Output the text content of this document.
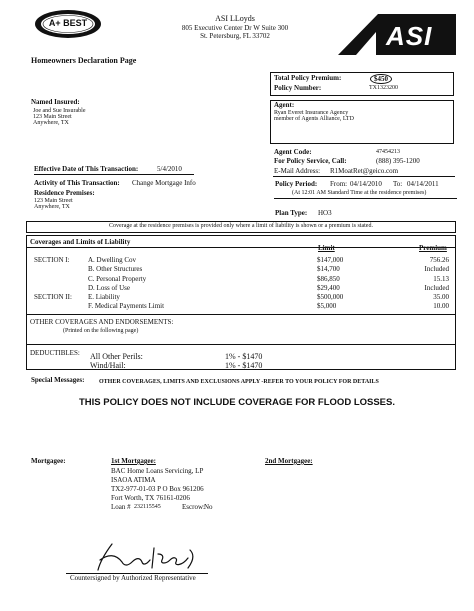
A+ BEST	ASI LLoyds
805 Executive Center Dr W Suite 300
St. Petersburg, FL 33702	ASI
Homeowners Declaration Page
Total Policy Premium:	$450
Policy Number:	TX1323200
Named Insured:
Joe and Sue Insurable
123 Main Street
Anywhere, TX
Agent:
Ryan Everet Insurance Agency
member of Agents Alliance, LTD
Agent Code:	47454213
For Policy Service, Call:	(888) 395-1200
E-Mail Address: R1MoatRet@geico.com
Effective Date of This Transaction:	5/4/2010
Activity of This Transaction: Change Mortgage Info
Residence Premises:
123 Main Street
Anywhere, TX
Policy Period: From: 04/14/2010 To: 04/14/2011
(At 12:01 AM Standard Time at the residence premises)
Plan Type: HO3
Coverage at the residence premises is provided only where a limit of liability is shown or a premium is stated.
Coverages and Limits of Liability
Limit	Premium
SECTION I:	A. Dwelling Cov	$147,000	756.26
B. Other Structures	$14,700	Included
C. Personal Property	$86,850	15.13
D. Loss of Use	$29,400	Included
SECTION II: E. Liability	$500,000	35.00
F. Medical Payments Limit	$5,000	10.00
OTHER COVERAGES AND ENDORSEMENTS:
(Printed on the following page)
DEDUCTIBLES: All Other Perils:	1% - $1470
Wind/Hail:	1% - $1470
Special Messages: OTHER COVERAGES, LIMITS AND EXCLUSIONS APPLY -REFER TO YOUR POLICY FOR DETAILS
THIS POLICY DOES NOT INCLUDE COVERAGE FOR FLOOD LOSSES.
Mortgagee:	1st Mortgagee:	2nd Mortgagee:
BAC Home Loans Servicing, LP
ISAOA ATIMA
TX2-977-01-03 P O Box 961206
Fort Worth, TX 76161-0206
Loan # 232115545	Escrow: No
Countersigned by Authorized Representative
